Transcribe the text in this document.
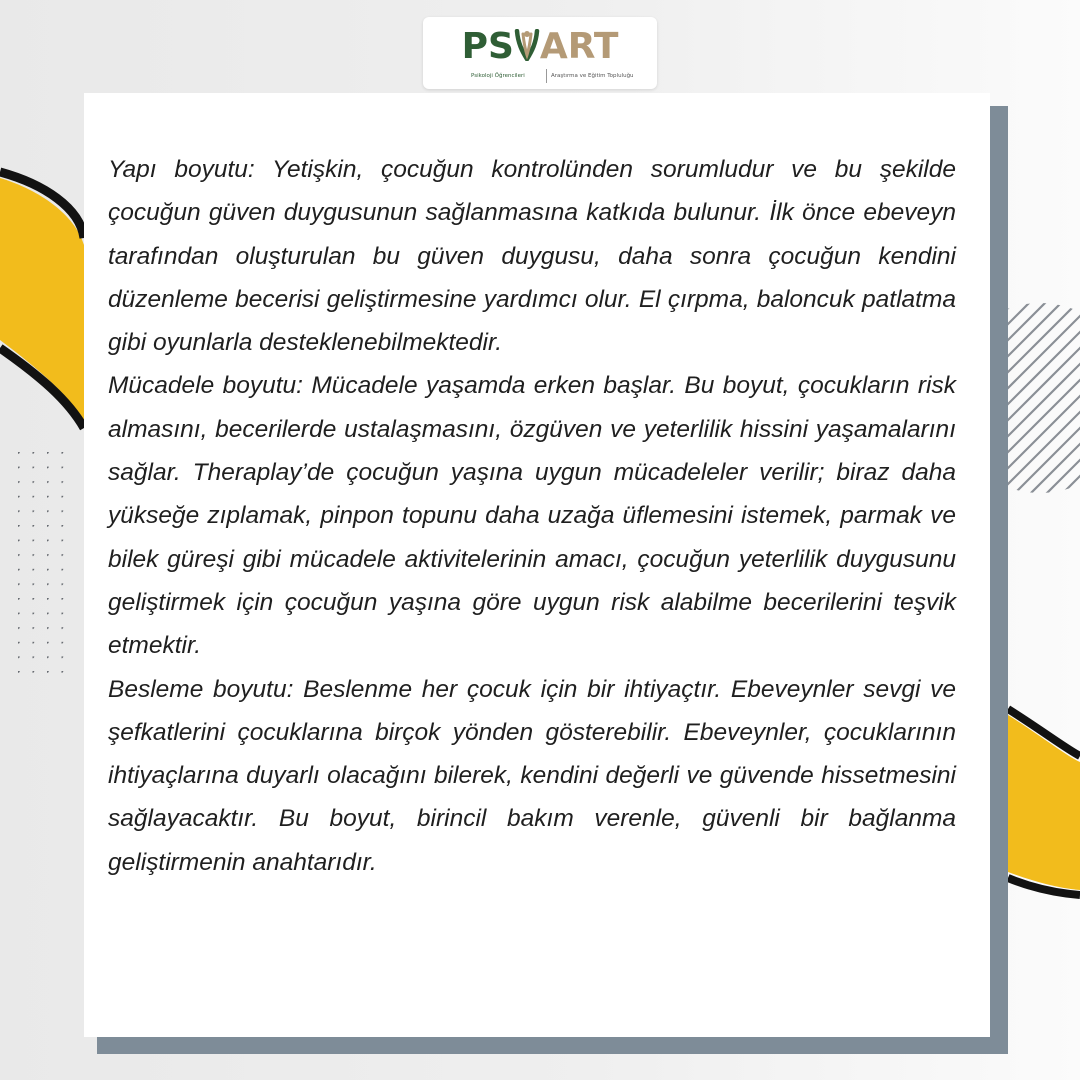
PS ART
Psikoloji Öğrencileri	Araştırma ve Eğitim Topluluğu

Yapı boyutu: Yetişkin, çocuğun kontrolünden sorumludur ve bu şekilde çocuğun güven duygusunun sağlanmasına katkıda bulunur. İlk önce ebeveyn tarafından oluşturulan bu güven duygusu, daha sonra çocuğun kendini düzenleme becerisi geliştirmesine yardımcı olur. El çırpma, baloncuk patlatma gibi oyunlarla desteklenebilmektedir.

Mücadele boyutu: Mücadele yaşamda erken başlar. Bu boyut, çocukların risk almasını, becerilerde ustalaşmasını, özgüven ve yeterlilik hissini yaşamalarını sağlar. Theraplay’de çocuğun yaşına uygun mücadeleler verilir; biraz daha yükseğe zıplamak, pinpon topunu daha uzağa üflemesini istemek, parmak ve bilek güreşi gibi mücadele aktivitelerinin amacı, çocuğun yeterlilik duygusunu geliştirmek için çocuğun yaşına göre uygun risk alabilme becerilerini teşvik etmektir.

Besleme boyutu: Beslenme her çocuk için bir ihtiyaçtır. Ebeveynler sevgi ve şefkatlerini çocuklarına birçok yönden gösterebilir. Ebeveynler, çocuklarının ihtiyaçlarına duyarlı olacağını bilerek, kendini değerli ve güvende hissetmesini sağlayacaktır. Bu boyut, birincil bakım verenle, güvenli bir bağlanma geliştirmenin anahtarıdır.
